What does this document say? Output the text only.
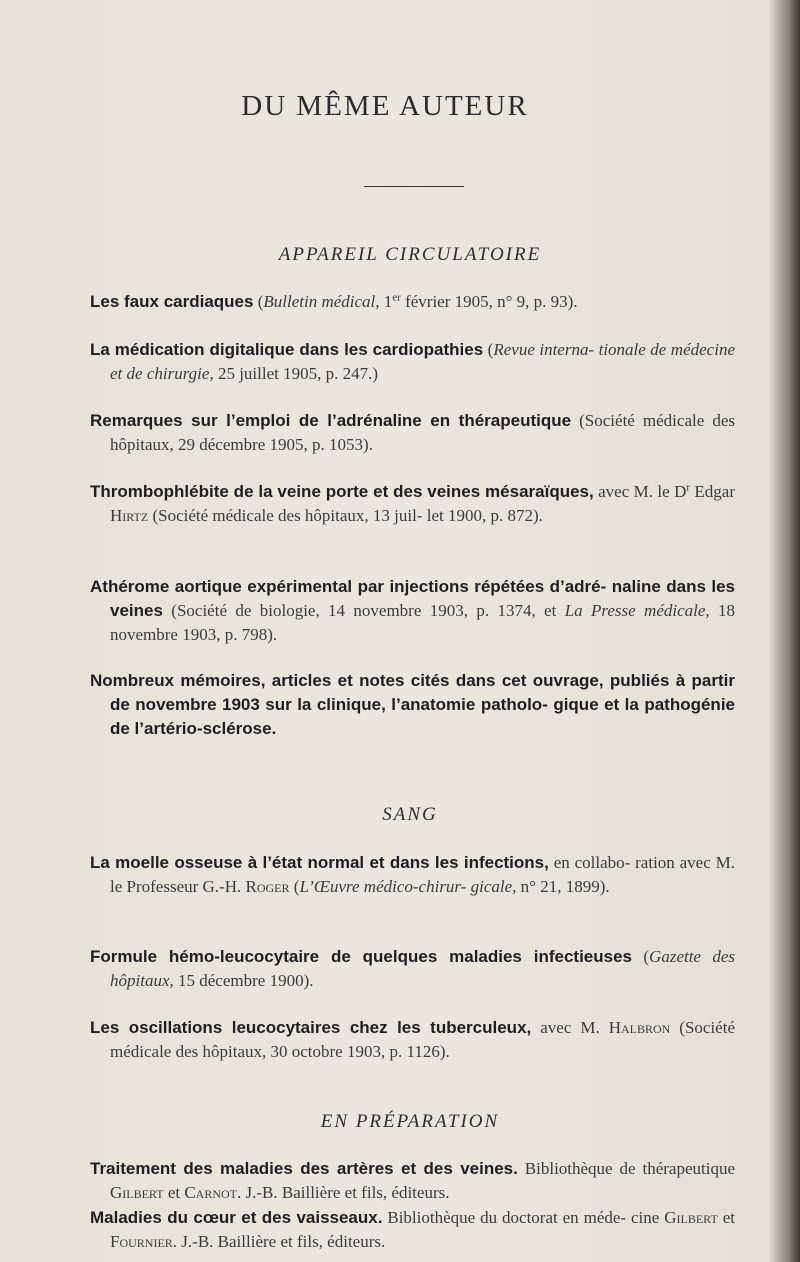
DU MÊME AUTEUR
APPAREIL CIRCULATOIRE
Les faux cardiaques (Bulletin médical, 1er février 1905, n° 9, p. 93).
La médication digitalique dans les cardiopathies (Revue interna- tionale de médecine et de chirurgie, 25 juillet 1905, p. 247.)
Remarques sur l’emploi de l’adrénaline en thérapeutique (Société médicale des hôpitaux, 29 décembre 1905, p. 1053).
Thrombophlébite de la veine porte et des veines mésaraïques, avec M. le $D^r$ Edgar Hirtz (Société médicale des hôpitaux, 13 juil- let 1900, p. 872).
Athérome aortique expérimental par injections répétées d’adré- naline dans les veines (Société de biologie, 14 novembre 1903, p. 1374, et La Presse médicale, 18 novembre 1903, p. 798).
Nombreux mémoires, articles et notes cités dans cet ouvrage, publiés à partir de novembre 1903 sur la clinique, l’anatomie patholo- gique et la pathogénie de l’artério-sclérose.
SANG
La moelle osseuse à l’état normal et dans les infections, en collabo- ration avec M. le Professeur G.-H. Roger (L’Œuvre médico-chirur- gicale, n° 21, 1899).
Formule hémo-leucocytaire de quelques maladies infectieuses (Gazette des hôpitaux, 15 décembre 1900).
Les oscillations leucocytaires chez les tuberculeux, avec M. Halbron (Société médicale des hôpitaux, 30 octobre 1903, p. 1126).
EN PRÉPARATION
Traitement des maladies des artères et des veines. Bibliothèque de thérapeutique Gilbert et Carnot. J.-B. Baillière et fils, éditeurs.
Maladies du cœur et des vaisseaux. Bibliothèque du doctorat en méde- cine Gilbert et Fournier. J.-B. Baillière et fils, éditeurs.
